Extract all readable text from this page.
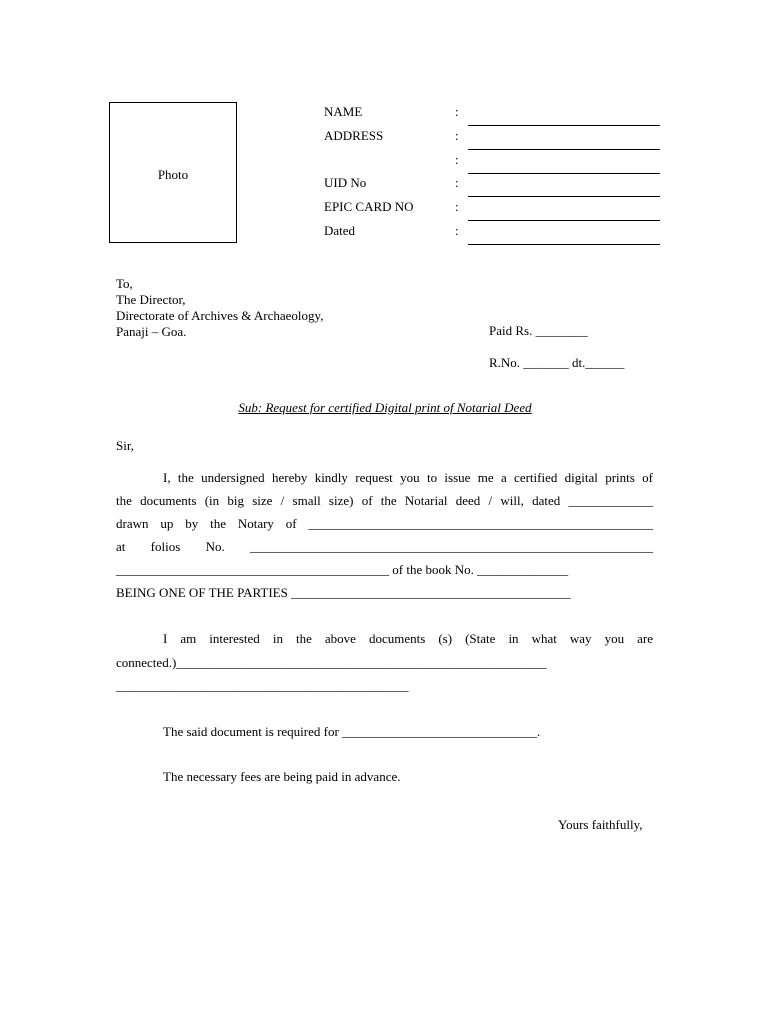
Photo
NAME	:
ADDRESS	:
:
UID No	:
EPIC CARD NO	:
Dated	:
To,
The Director,
Directorate of Archives & Archaeology,
Panaji – Goa.	Paid Rs. ________
R.No. _______ dt.______
Sub: Request for certified Digital print of Notarial Deed
Sir,
I, the undersigned hereby kindly request you to issue me a certified digital prints of
the documents (in big size / small size) of the Notarial deed / will, dated _____________
drawn up by the Notary of _____________________________________________________
at folios No. ______________________________________________________________
__________________________________________ of the book No. ______________
BEING ONE OF THE PARTIES ___________________________________________
I am interested in the above documents (s) (State in what way you are
connected.)_________________________________________________________
_____________________________________________
The said document is required for ______________________________.
The necessary fees are being paid in advance.
Yours faithfully,
